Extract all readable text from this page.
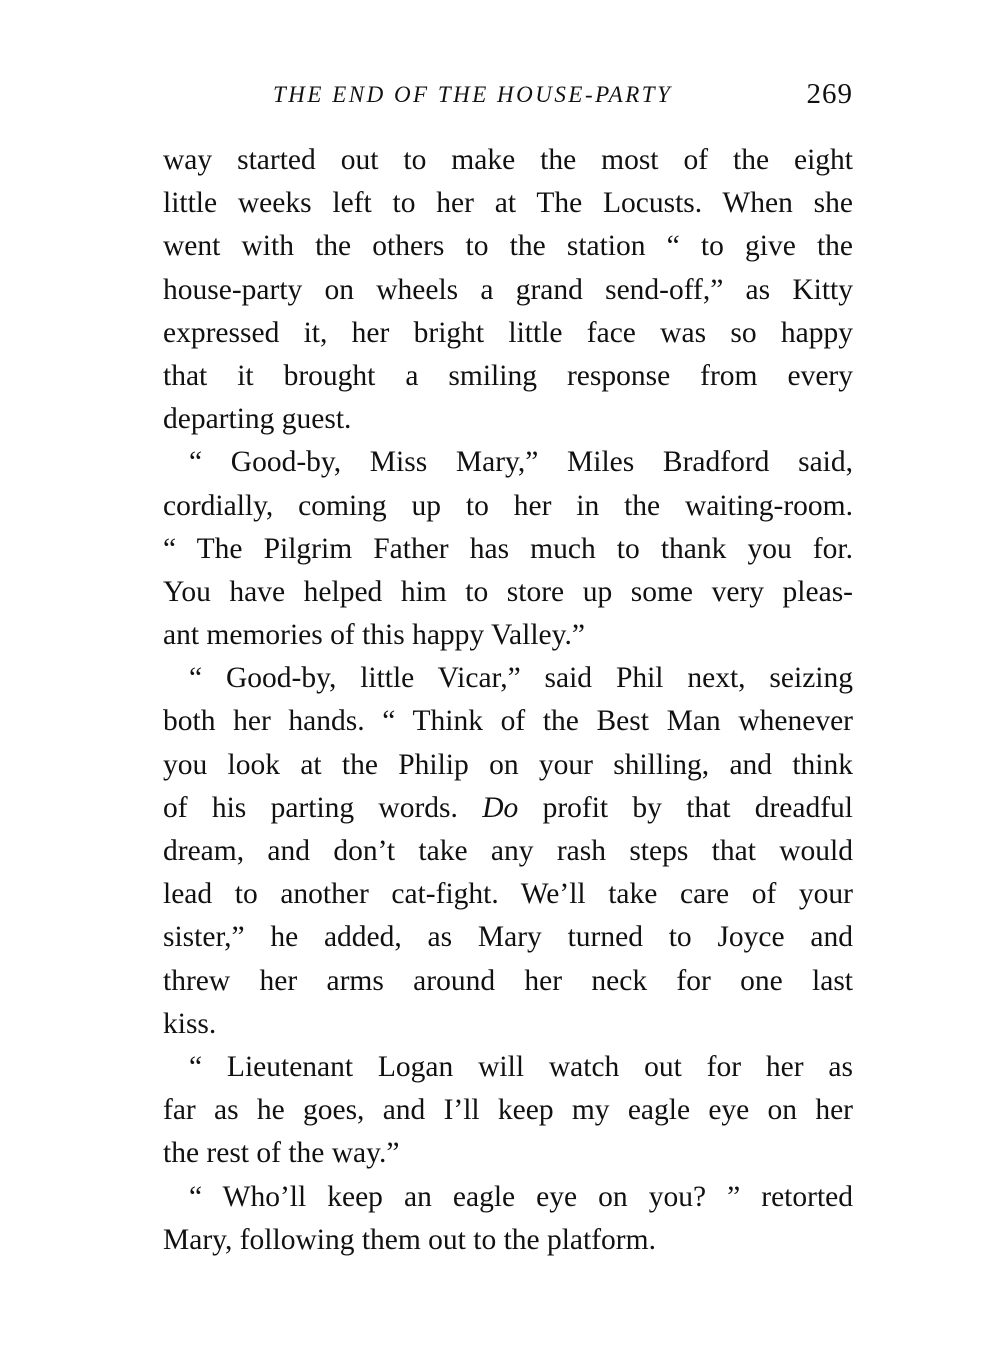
THE END OF THE HOUSE-PARTY	269
way started out to make the most of the eight
little weeks left to her at The Locusts. When she
went with the others to the station “ to give the
house-party on wheels a grand send-off,” as Kitty
expressed it, her bright little face was so happy
that it brought a smiling response from every
departing guest.
“ Good-by, Miss Mary,” Miles Bradford said,
cordially, coming up to her in the waiting-room.
“ The Pilgrim Father has much to thank you for.
You have helped him to store up some very pleas-
ant memories of this happy Valley.”
“ Good-by, little Vicar,” said Phil next, seizing
both her hands. “ Think of the Best Man whenever
you look at the Philip on your shilling, and think
of his parting words. Do profit by that dreadful
dream, and don’t take any rash steps that would
lead to another cat-fight. We’ll take care of your
sister,” he added, as Mary turned to Joyce and
threw her arms around her neck for one last
kiss.
“ Lieutenant Logan will watch out for her as
far as he goes, and I’ll keep my eagle eye on her
the rest of the way.”
“ Who’ll keep an eagle eye on you? ” retorted
Mary, following them out to the platform.
